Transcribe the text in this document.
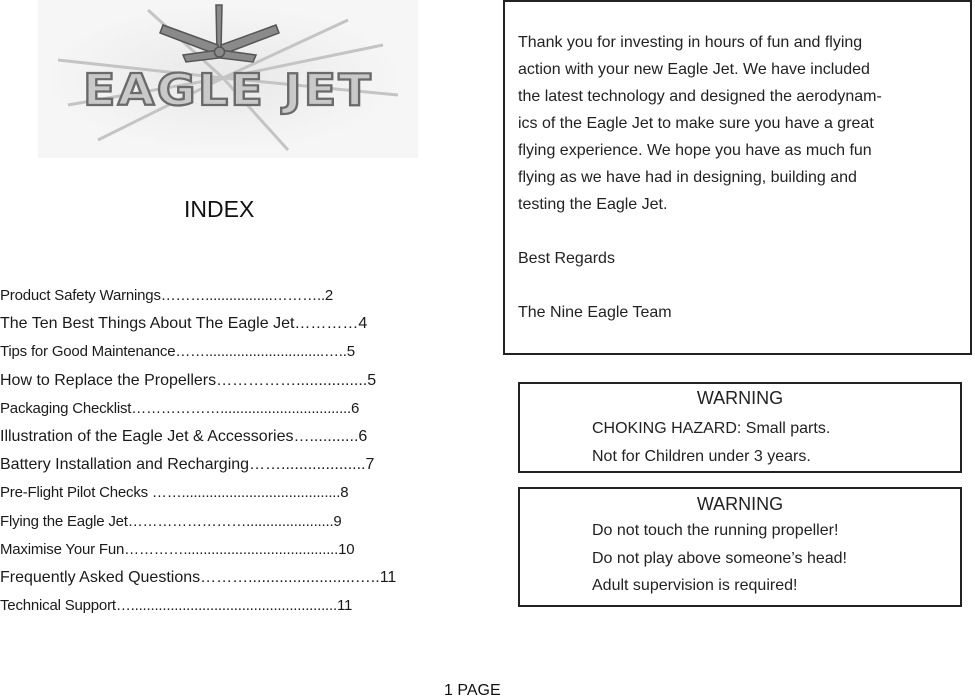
EAGLE JET
INDEX
Product Safety Warnings……….................………..2
The Ten Best Things About The Eagle Jet…………4
Tips for Good Maintenance……..............................…..5
How to Replace the Propellers……………................5
Packaging Checklist……………….................................6
Illustration of the Eagle Jet & Accessories…...........6
Battery Installation and Recharging……...................7
Pre-Flight Pilot Checks ……........................................8
Flying the Eagle Jet……………………......................9
Maximise Your Fun………….......................................10
Frequently Asked Questions………........................…..11
Technical Support…....................................................11

Thank you for investing in hours of fun and flying

action with your new Eagle Jet. We have included

the latest technology and designed the aerodynam-

ics of the Eagle Jet to make sure you have a great

flying experience. We hope you have as much fun

flying as we have had in designing, building and

testing the Eagle Jet.

Best Regards

The Nine Eagle Team

WARNING
CHOKING HAZARD: Small parts.
Not for Children under 3 years.
WARNING
Do not touch the running propeller!
Do not play above someone’s head!
Adult supervision is required!
1 PAGE
